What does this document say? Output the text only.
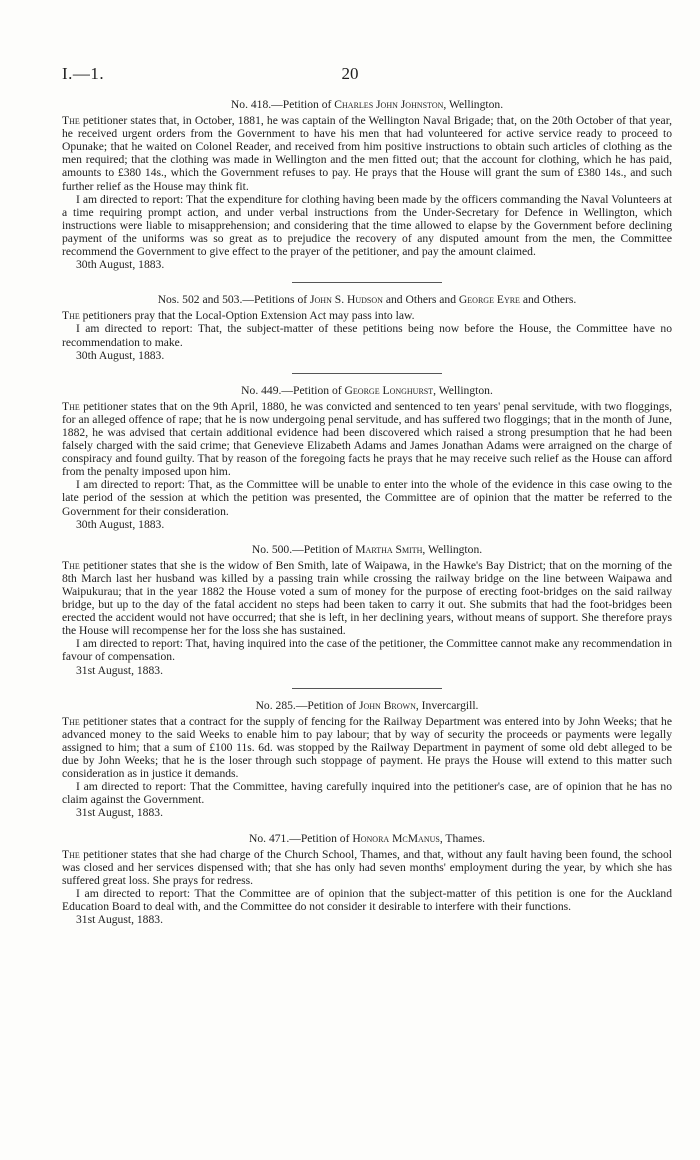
I.—1.	20

No. 418.—Petition of Charles John Johnston, Wellington.

The petitioner states that, in October, 1881, he was captain of the Wellington Naval Brigade; that, on the 20th October of that year, he received urgent orders from the Government to have his men that had volunteered for active service ready to proceed to Opunake; that he waited on Colonel Reader, and received from him positive instructions to obtain such articles of clothing as the men required; that the clothing was made in Wellington and the men fitted out; that the account for clothing, which he has paid, amounts to £380 14s., which the Government refuses to pay. He prays that the House will grant the sum of £380 14s., and such further relief as the House may think fit.

I am directed to report: That the expenditure for clothing having been made by the officers commanding the Naval Volunteers at a time requiring prompt action, and under verbal instructions from the Under-Secretary for Defence in Wellington, which instructions were liable to misapprehension; and considering that the time allowed to elapse by the Government before declining payment of the uniforms was so great as to prejudice the recovery of any disputed amount from the men, the Committee recommend the Government to give effect to the prayer of the petitioner, and pay the amount claimed.

30th August, 1883.

Nos. 502 and 503.—Petitions of John S. Hudson and Others and George Eyre and Others.

The petitioners pray that the Local-Option Extension Act may pass into law.

I am directed to report: That, the subject-matter of these petitions being now before the House, the Committee have no recommendation to make.

30th August, 1883.

No. 449.—Petition of George Longhurst, Wellington.

The petitioner states that on the 9th April, 1880, he was convicted and sentenced to ten years' penal servitude, with two floggings, for an alleged offence of rape; that he is now undergoing penal servitude, and has suffered two floggings; that in the month of June, 1882, he was advised that certain additional evidence had been discovered which raised a strong presumption that he had been falsely charged with the said crime; that Genevieve Elizabeth Adams and James Jonathan Adams were arraigned on the charge of conspiracy and found guilty. That by reason of the foregoing facts he prays that he may receive such relief as the House can afford from the penalty imposed upon him.

I am directed to report: That, as the Committee will be unable to enter into the whole of the evidence in this case owing to the late period of the session at which the petition was presented, the Committee are of opinion that the matter be referred to the Government for their consideration.

30th August, 1883.

No. 500.—Petition of Martha Smith, Wellington.

The petitioner states that she is the widow of Ben Smith, late of Waipawa, in the Hawke's Bay District; that on the morning of the 8th March last her husband was killed by a passing train while crossing the railway bridge on the line between Waipawa and Waipukurau; that in the year 1882 the House voted a sum of money for the purpose of erecting foot-bridges on the said railway bridge, but up to the day of the fatal accident no steps had been taken to carry it out. She submits that had the foot-bridges been erected the accident would not have occurred; that she is left, in her declining years, without means of support. She therefore prays the House will recompense her for the loss she has sustained.

I am directed to report: That, having inquired into the case of the petitioner, the Committee cannot make any recommendation in favour of compensation.

31st August, 1883.

No. 285.—Petition of John Brown, Invercargill.

The petitioner states that a contract for the supply of fencing for the Railway Department was entered into by John Weeks; that he advanced money to the said Weeks to enable him to pay labour; that by way of security the proceeds or payments were legally assigned to him; that a sum of £100 11s. 6d. was stopped by the Railway Department in payment of some old debt alleged to be due by John Weeks; that he is the loser through such stoppage of payment. He prays the House will extend to this matter such consideration as in justice it demands.

I am directed to report: That the Committee, having carefully inquired into the petitioner's case, are of opinion that he has no claim against the Government.

31st August, 1883.

No. 471.—Petition of Honora McManus, Thames.

The petitioner states that she had charge of the Church School, Thames, and that, without any fault having been found, the school was closed and her services dispensed with; that she has only had seven months' employment during the year, by which she has suffered great loss. She prays for redress.

I am directed to report: That the Committee are of opinion that the subject-matter of this petition is one for the Auckland Education Board to deal with, and the Committee do not consider it desirable to interfere with their functions.

31st August, 1883.
